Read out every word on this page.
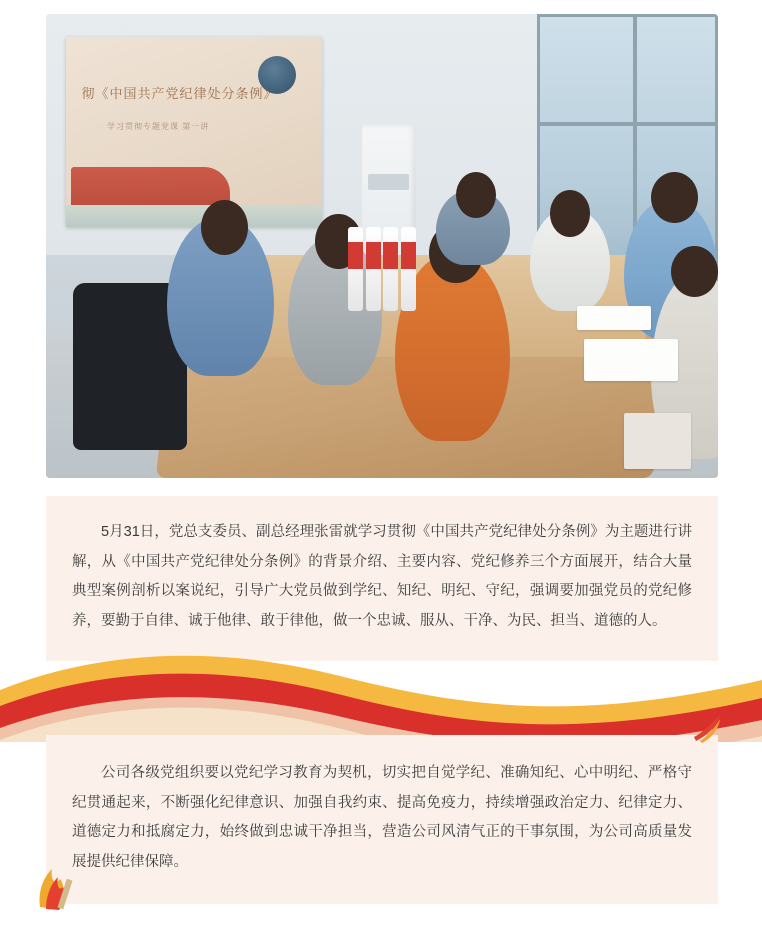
彻《中国共产党纪律处分条例》
学习贯彻专题党课 第一讲
5月31日，党总支委员、副总经理张雷就学习贯彻《中国共产党纪律处分条例》为主题进行讲解，从《中国共产党纪律处分条例》的背景介绍、主要内容、党纪修养三个方面展开，结合大量典型案例剖析以案说纪，引导广大党员做到学纪、知纪、明纪、守纪，强调要加强党员的党纪修养，要勤于自律、诚于他律、敢于律他，做一个忠诚、服从、干净、为民、担当、道德的人。
公司各级党组织要以党纪学习教育为契机，切实把自觉学纪、准确知纪、心中明纪、严格守纪贯通起来，不断强化纪律意识、加强自我约束、提高免疫力，持续增强政治定力、纪律定力、道德定力和抵腐定力，始终做到忠诚干净担当，营造公司风清气正的干事氛围，为公司高质量发展提供纪律保障。
